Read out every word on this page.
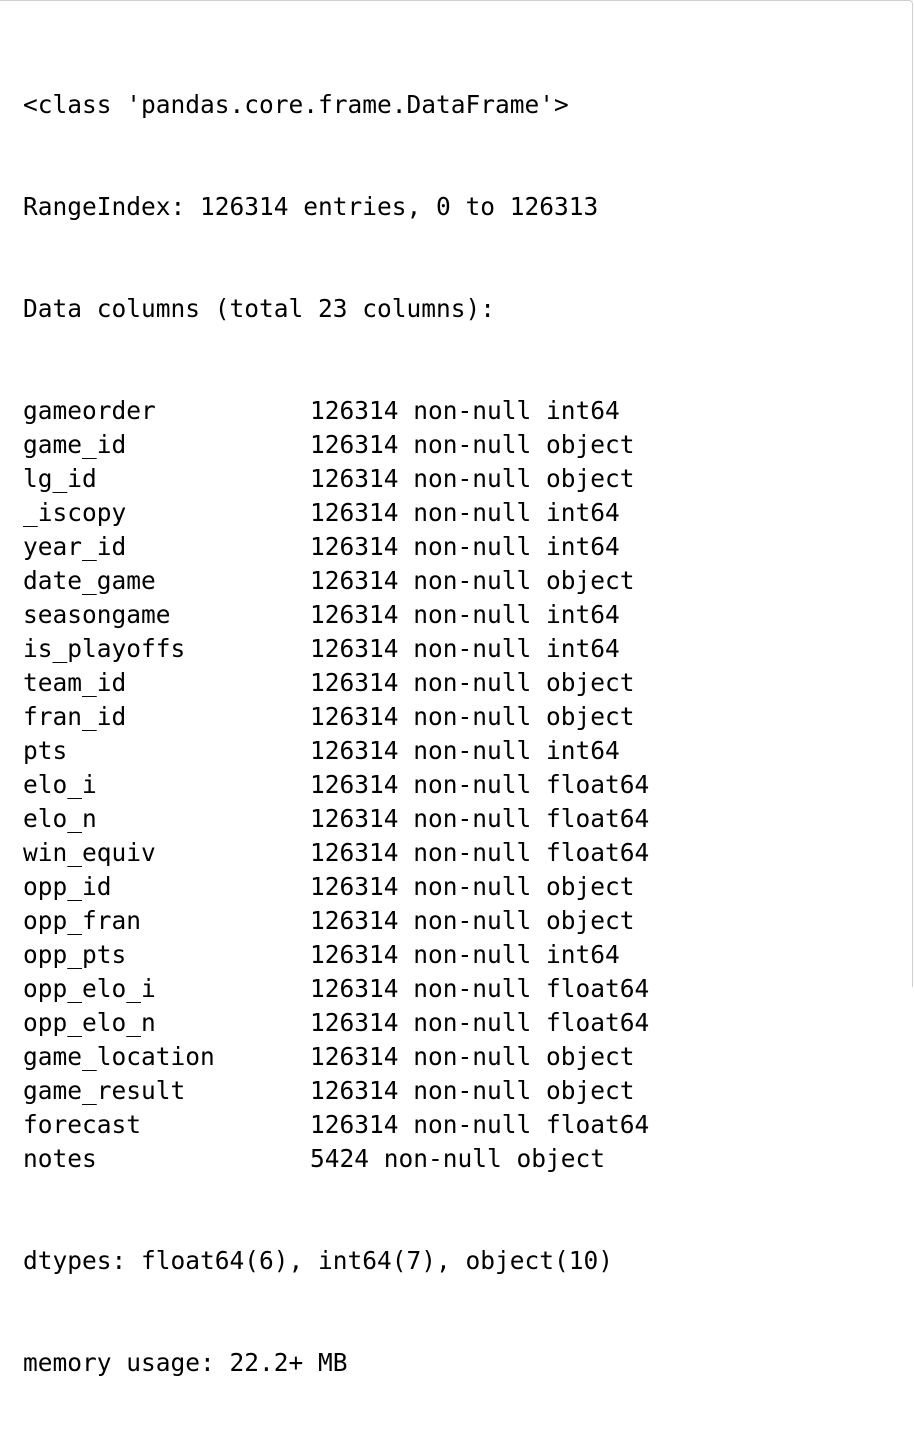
<class 'pandas.core.frame.DataFrame'>

RangeIndex: 126314 entries, 0 to 126313

Data columns (total 23 columns):

gameorder	126314 non-null int64
game_id	126314 non-null object
lg_id	126314 non-null object
_iscopy	126314 non-null int64
year_id	126314 non-null int64
date_game	126314 non-null object
seasongame	126314 non-null int64
is_playoffs	126314 non-null int64
team_id	126314 non-null object
fran_id	126314 non-null object
pts	126314 non-null int64
elo_i	126314 non-null float64
elo_n	126314 non-null float64
win_equiv	126314 non-null float64
opp_id	126314 non-null object
opp_fran	126314 non-null object
opp_pts	126314 non-null int64
opp_elo_i	126314 non-null float64
opp_elo_n	126314 non-null float64
game_location	126314 non-null object
game_result	126314 non-null object
forecast	126314 non-null float64
notes	5424 non-null object

dtypes: float64(6), int64(7), object(10)

memory usage: 22.2+ MB
